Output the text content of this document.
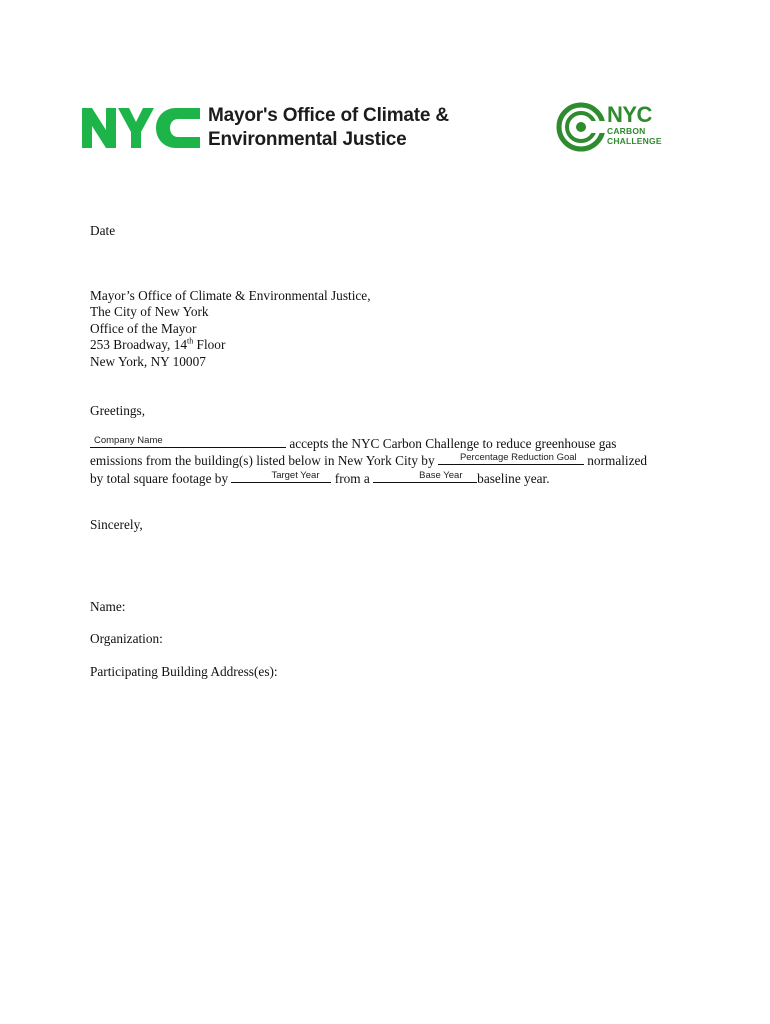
Mayor's Office of Climate &
Environmental Justice
NYC
CARBON
CHALLENGE
Date
Mayor’s Office of Climate & Environmental Justice,
The City of New York
Office of the Mayor
253 Broadway, 14th Floor
New York, NY 10007
Greetings,
Company Name	accepts the NYC Carbon Challenge to reduce greenhouse gas
emissions from the building(s) listed below in New York City by Percentage Reduction Goal normalized
by total square footage by	Target Year from a	Base Year baseline year.
Sincerely,
Name:
Organization:
Participating Building Address(es):
